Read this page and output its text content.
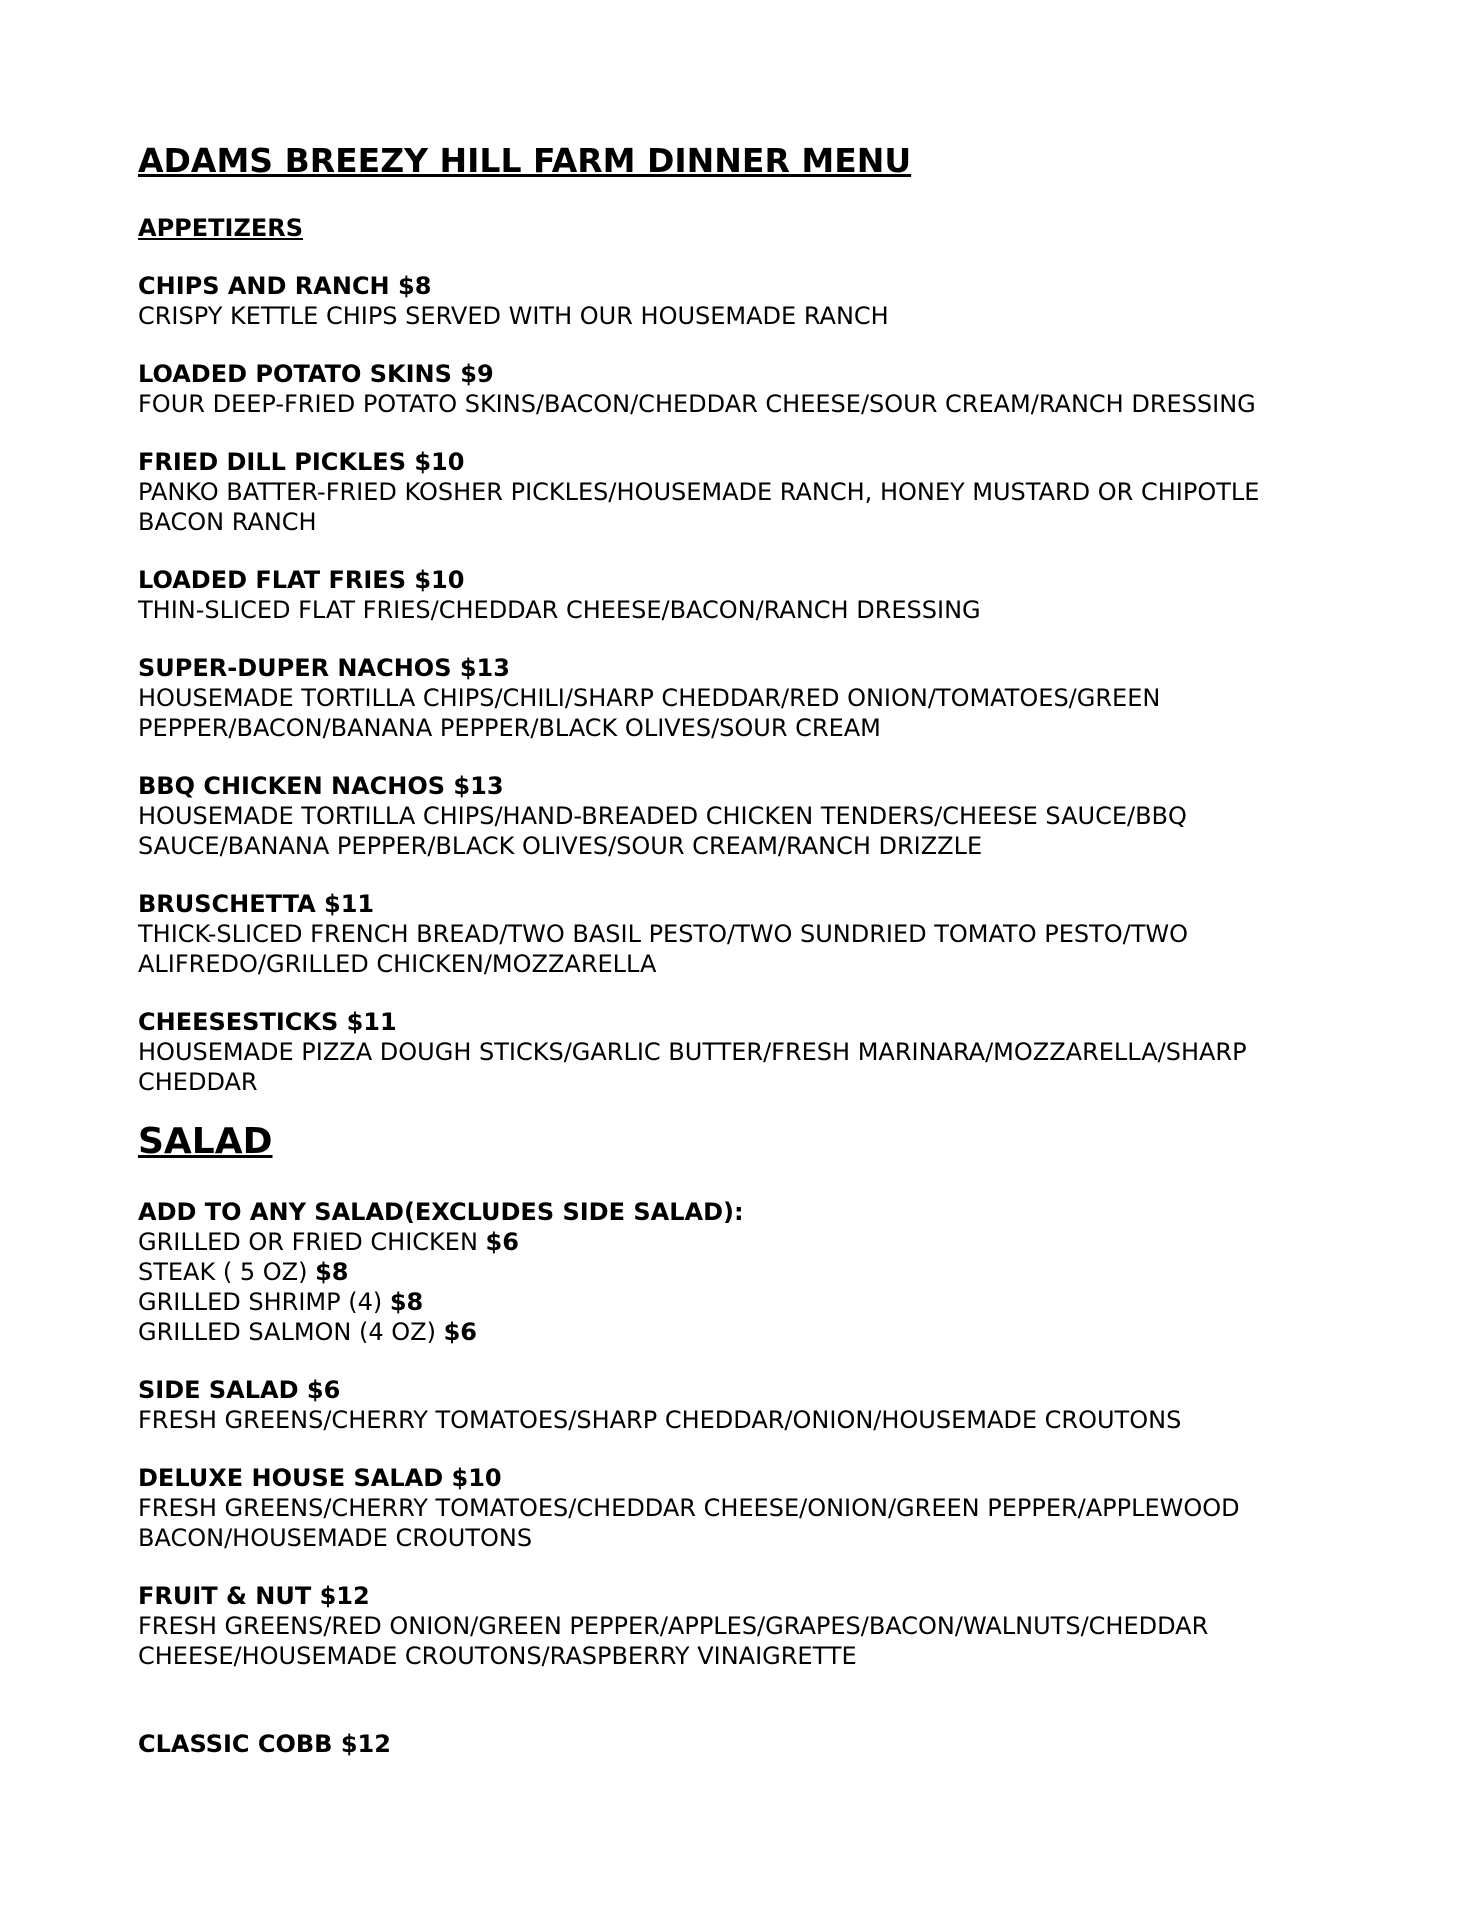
ADAMS BREEZY HILL FARM DINNER MENU
APPETIZERS
CHIPS AND RANCH $8
CRISPY KETTLE CHIPS SERVED WITH OUR HOUSEMADE RANCH
LOADED POTATO SKINS $9
FOUR DEEP-FRIED POTATO SKINS/BACON/CHEDDAR CHEESE/SOUR CREAM/RANCH DRESSING
FRIED DILL PICKLES $10
PANKO BATTER-FRIED KOSHER PICKLES/HOUSEMADE RANCH, HONEY MUSTARD OR CHIPOTLE
BACON RANCH
LOADED FLAT FRIES $10
THIN-SLICED FLAT FRIES/CHEDDAR CHEESE/BACON/RANCH DRESSING
SUPER-DUPER NACHOS $13
HOUSEMADE TORTILLA CHIPS/CHILI/SHARP CHEDDAR/RED ONION/TOMATOES/GREEN
PEPPER/BACON/BANANA PEPPER/BLACK OLIVES/SOUR CREAM
BBQ CHICKEN NACHOS $13
HOUSEMADE TORTILLA CHIPS/HAND-BREADED CHICKEN TENDERS/CHEESE SAUCE/BBQ
SAUCE/BANANA PEPPER/BLACK OLIVES/SOUR CREAM/RANCH DRIZZLE
BRUSCHETTA $11
THICK-SLICED FRENCH BREAD/TWO BASIL PESTO/TWO SUNDRIED TOMATO PESTO/TWO
ALIFREDO/GRILLED CHICKEN/MOZZARELLA
CHEESESTICKS $11
HOUSEMADE PIZZA DOUGH STICKS/GARLIC BUTTER/FRESH MARINARA/MOZZARELLA/SHARP
CHEDDAR
SALAD
ADD TO ANY SALAD(EXCLUDES SIDE SALAD):
GRILLED OR FRIED CHICKEN $6
STEAK ( 5 OZ) $8
GRILLED SHRIMP (4) $8
GRILLED SALMON (4 OZ) $6
SIDE SALAD $6
FRESH GREENS/CHERRY TOMATOES/SHARP CHEDDAR/ONION/HOUSEMADE CROUTONS
DELUXE HOUSE SALAD $10
FRESH GREENS/CHERRY TOMATOES/CHEDDAR CHEESE/ONION/GREEN PEPPER/APPLEWOOD
BACON/HOUSEMADE CROUTONS
FRUIT & NUT $12
FRESH GREENS/RED ONION/GREEN PEPPER/APPLES/GRAPES/BACON/WALNUTS/CHEDDAR
CHEESE/HOUSEMADE CROUTONS/RASPBERRY VINAIGRETTE
CLASSIC COBB $12
